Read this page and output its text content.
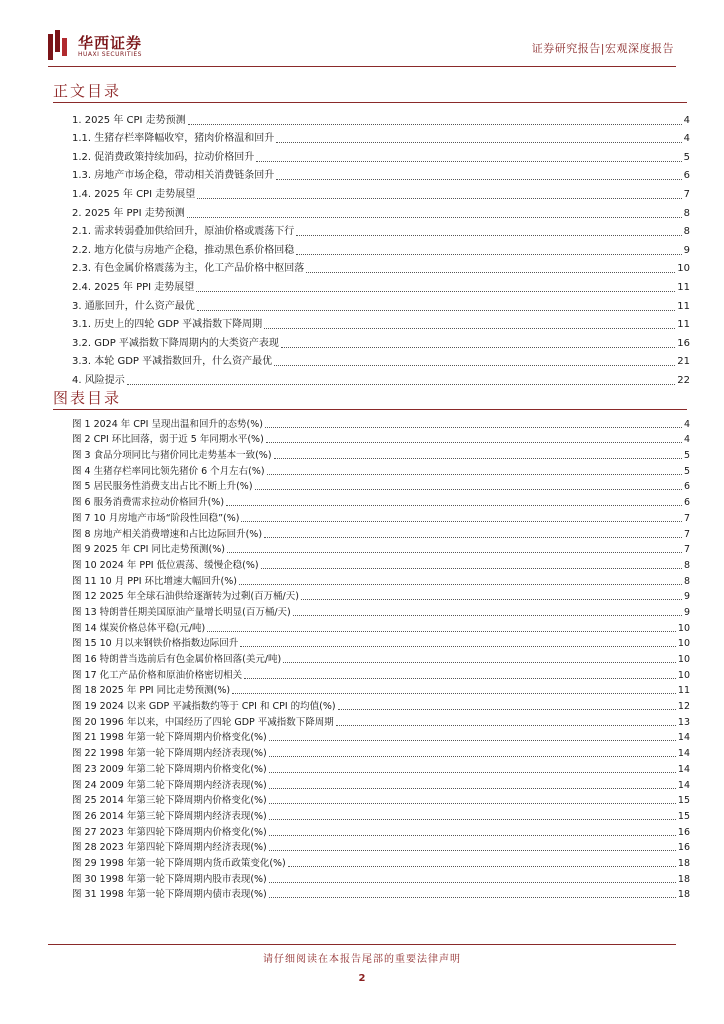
华西证券
HUAXI SECURITIES	证券研究报告|宏观深度报告
正文目录
1. 2025 年 CPI 走势预测	4
1.1. 生猪存栏率降幅收窄，猪肉价格温和回升	4
1.2. 促消费政策持续加码，拉动价格回升	5
1.3. 房地产市场企稳，带动相关消费链条回升	6
1.4. 2025 年 CPI 走势展望	7
2. 2025 年 PPI 走势预测	8
2.1. 需求转弱叠加供给回升，原油价格或震荡下行	8
2.2. 地方化债与房地产企稳，推动黑色系价格回稳	9
2.3. 有色金属价格震荡为主，化工产品价格中枢回落	10
2.4. 2025 年 PPI 走势展望	11
3. 通胀回升，什么资产最优	11
3.1. 历史上的四轮 GDP 平减指数下降周期	11
3.2. GDP 平减指数下降周期内的大类资产表现	16
3.3. 本轮 GDP 平减指数回升，什么资产最优	21
4. 风险提示	22
图表目录
图 1 2024 年 CPI 呈现出温和回升的态势(%)	4
图 2 CPI 环比回落，弱于近 5 年同期水平(%)	4
图 3 食品分项同比与猪价同比走势基本一致(%)	5
图 4 生猪存栏率同比领先猪价 6 个月左右(%)	5
图 5 居民服务性消费支出占比不断上升(%)	6
图 6 服务消费需求拉动价格回升(%)	6
图 7 10 月房地产市场“阶段性回稳”(%)	7
图 8 房地产相关消费增速和占比边际回升(%)	7
图 9 2025 年 CPI 同比走势预测(%)	7
图 10 2024 年 PPI 低位震荡、缓慢企稳(%)	8
图 11 10 月 PPI 环比增速大幅回升(%)	8
图 12 2025 年全球石油供给逐渐转为过剩(百万桶/天)	9
图 13 特朗普任期美国原油产量增长明显(百万桶/天)	9
图 14 煤炭价格总体平稳(元/吨)	10
图 15 10 月以来钢铁价格指数边际回升	10
图 16 特朗普当选前后有色金属价格回落(美元/吨)	10
图 17 化工产品价格和原油价格密切相关	10
图 18 2025 年 PPI 同比走势预测(%)	11
图 19 2024 以来 GDP 平减指数约等于 CPI 和 CPI 的均值(%)	12
图 20 1996 年以来，中国经历了四轮 GDP 平减指数下降周期	13
图 21 1998 年第一轮下降周期内价格变化(%)	14
图 22 1998 年第一轮下降周期内经济表现(%)	14
图 23 2009 年第二轮下降周期内价格变化(%)	14
图 24 2009 年第二轮下降周期内经济表现(%)	14
图 25 2014 年第三轮下降周期内价格变化(%)	15
图 26 2014 年第三轮下降周期内经济表现(%)	15
图 27 2023 年第四轮下降周期内价格变化(%)	16
图 28 2023 年第四轮下降周期内经济表现(%)	16
图 29 1998 年第一轮下降周期内货币政策变化(%)	18
图 30 1998 年第一轮下降周期内股市表现(%)	18
图 31 1998 年第一轮下降周期内债市表现(%)	18
请仔细阅读在本报告尾部的重要法律声明
2
